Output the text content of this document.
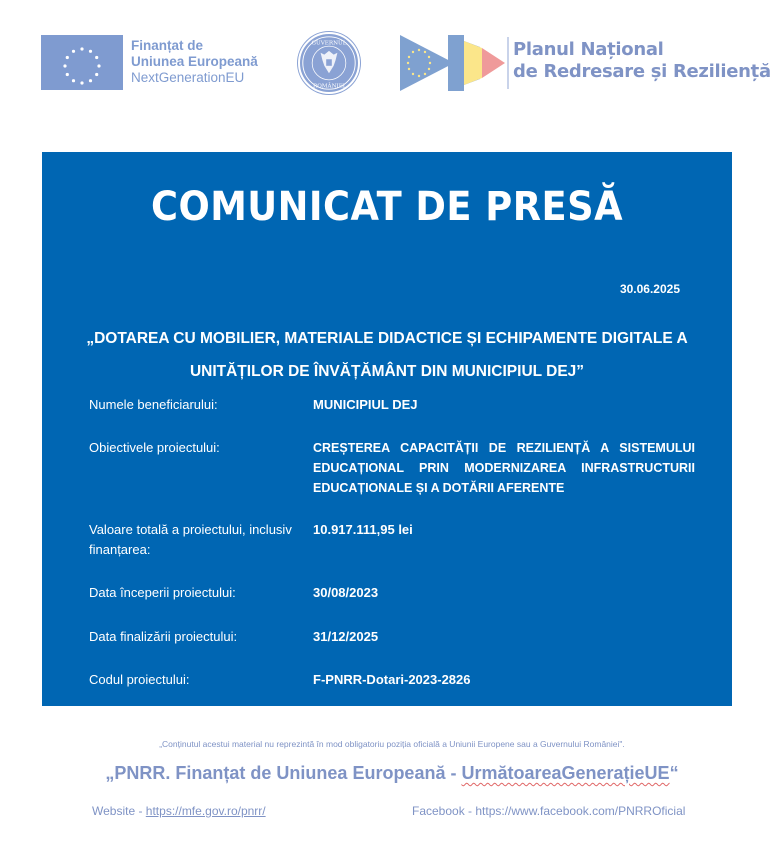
Finanțat de
Uniunea Europeană
NextGenerationEU
GUVERNUL
ROMÂNIEI
Planul Național
de Redresare și Reziliență
COMUNICAT DE PRESĂ
30.06.2025
„DOTAREA CU MOBILIER, MATERIALE DIDACTICE ȘI ECHIPAMENTE DIGITALE A
UNITĂȚILOR DE ÎNVĂȚĂMÂNT DIN MUNICIPIUL DEJ”
Numele beneficiarului:	MUNICIPIUL DEJ
Obiectivele proiectului:	CREȘTEREA CAPACITĂȚII DE REZILIENȚĂ A SISTEMULUI EDUCAȚIONAL PRIN MODERNIZAREA INFRASTRUCTURII EDUCAȚIONALE ȘI A DOTĂRII AFERENTE
Valoare totală a proiectului, inclusiv finanțarea:
10.917.111,95 lei
Data începerii proiectului:	30/08/2023
Data finalizării proiectului:	31/12/2025
Codul proiectului:	F-PNRR-Dotari-2023-2826
„Conținutul acestui material nu reprezintă în mod obligatoriu poziția oficială a Uniunii Europene sau a Guvernului României".
„PNRR. Finanțat de Uniunea Europeană - UrmătoareaGenerațieUE“
Website - https://mfe.gov.ro/pnrr/	Facebook - https://www.facebook.com/PNRROficial
